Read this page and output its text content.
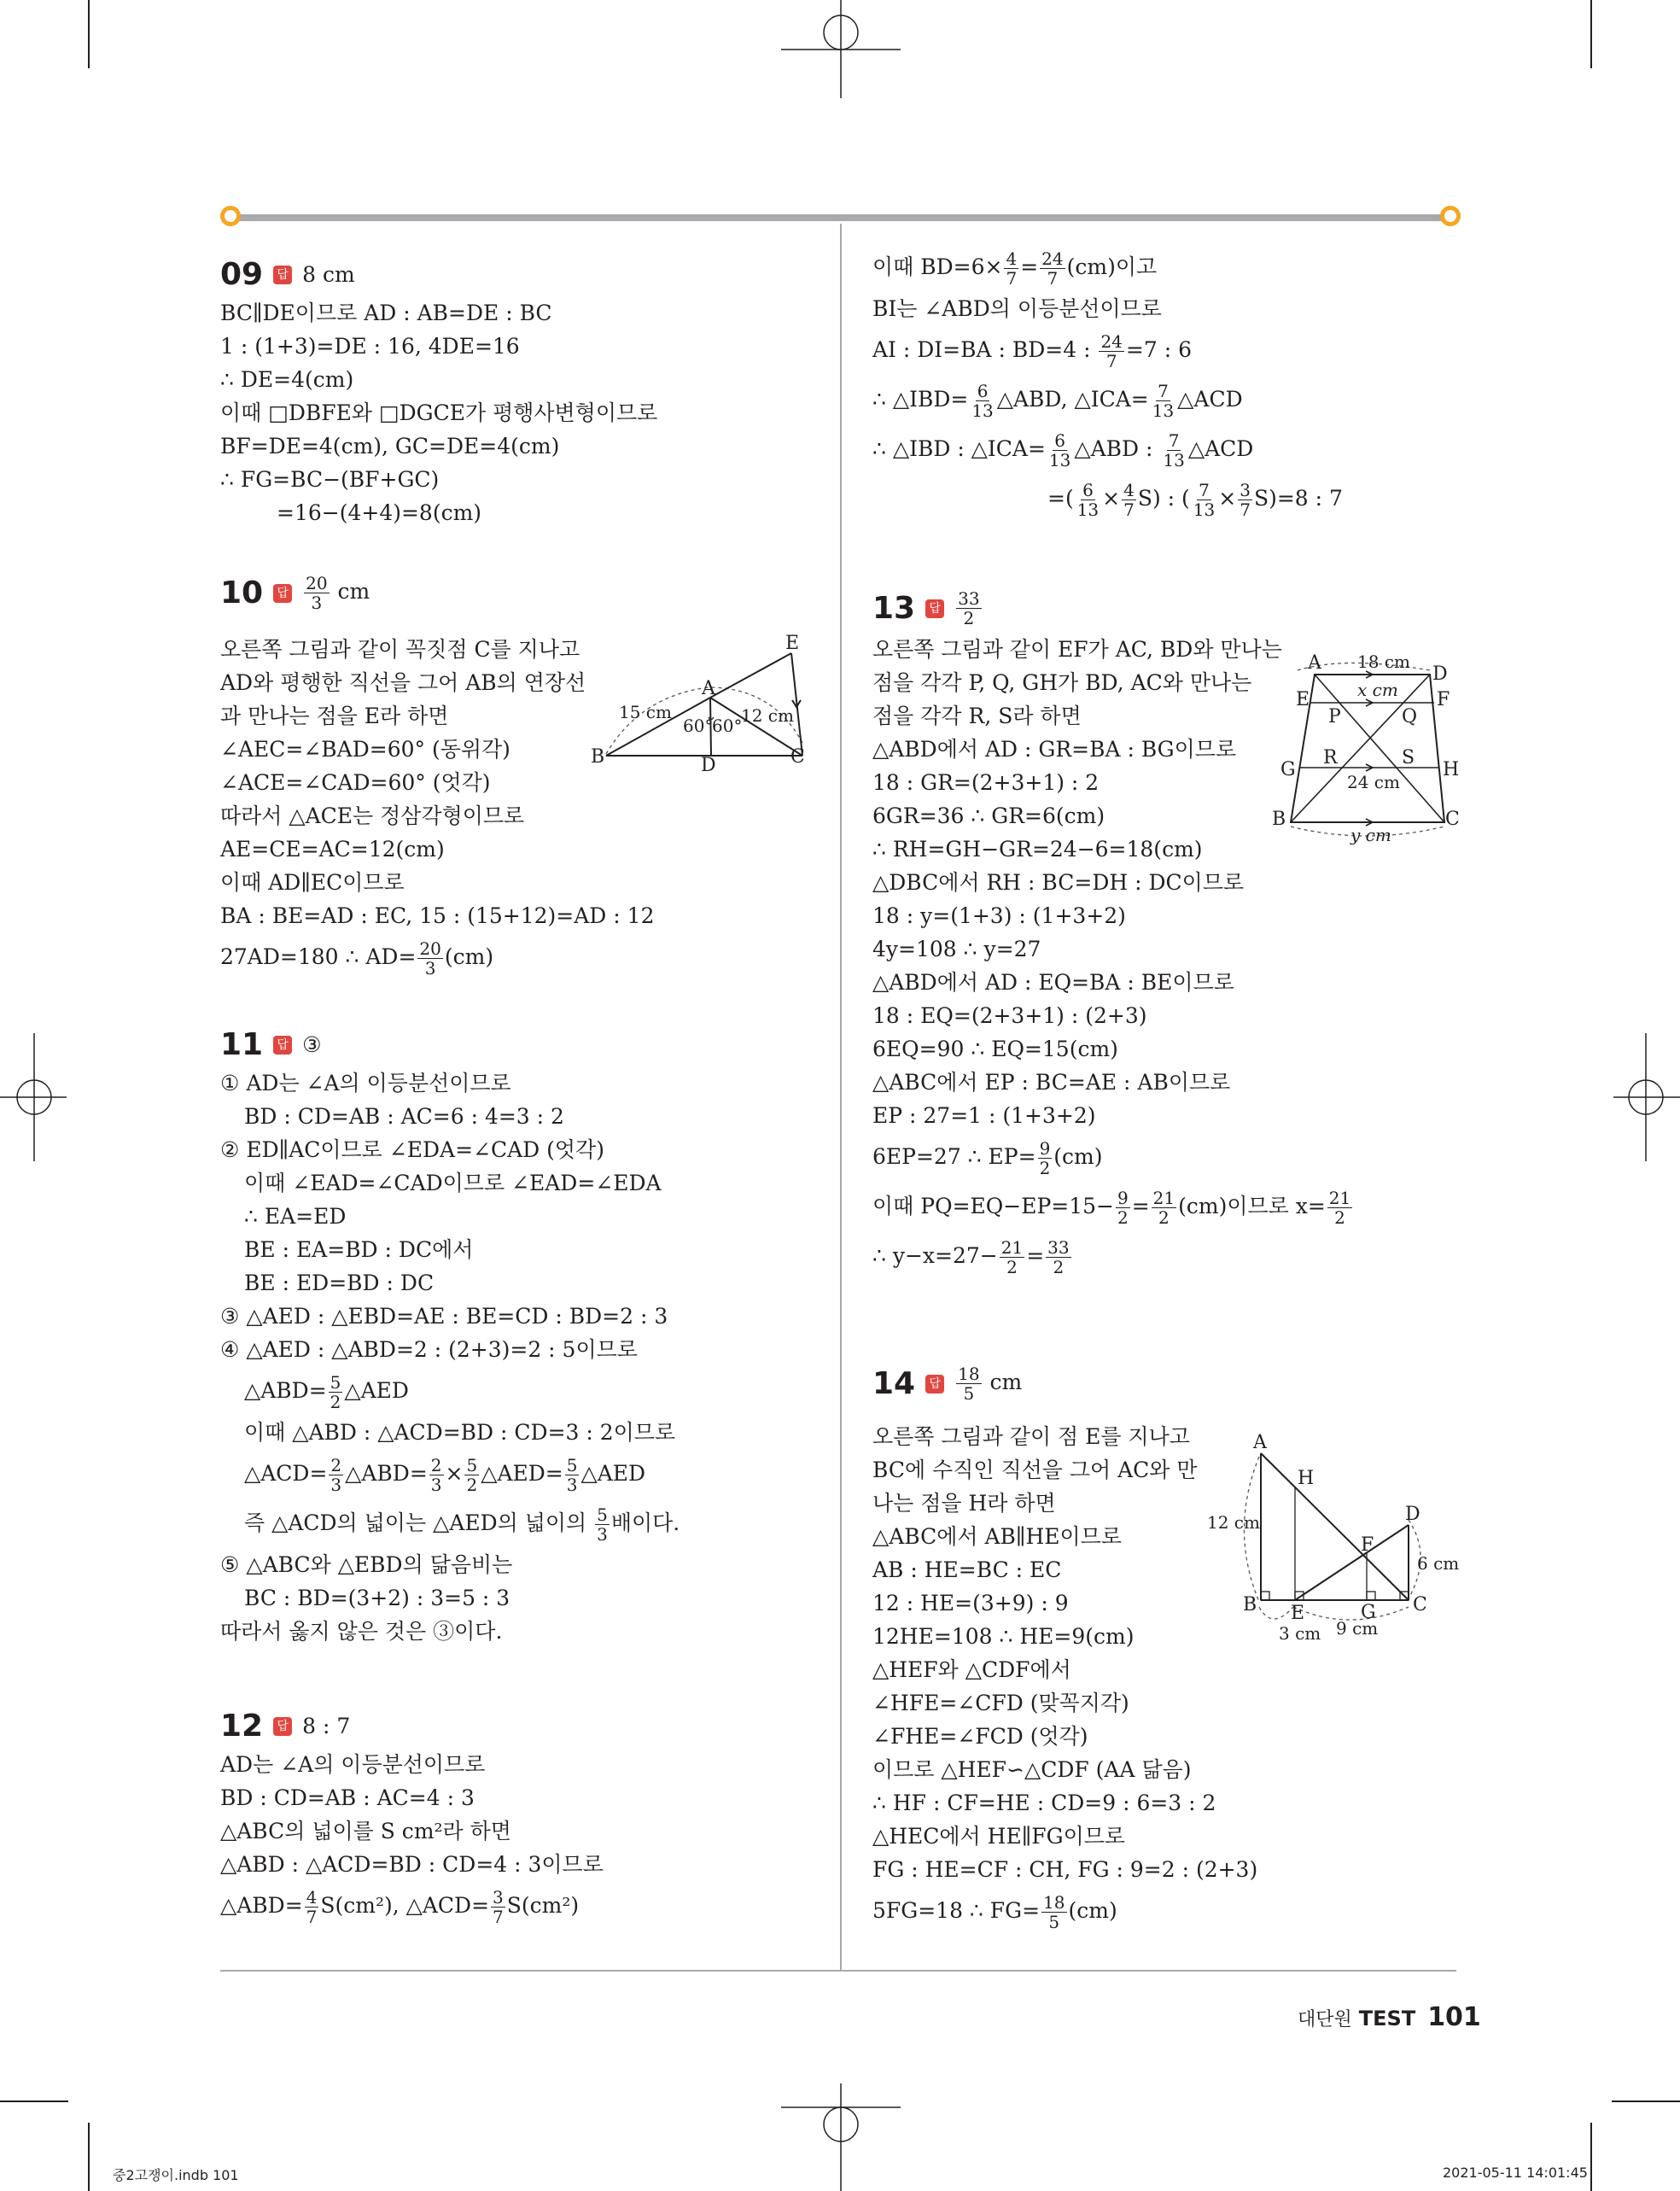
09	답 8 cm
BC∥DE이므로 AD : AB=DE : BC
1 : (1+3)=DE : 16, 4DE=16
∴ DE=4(cm)
이때 □DBFE와 □DGCE가 평행사변형이므로
BF=DE=4(cm), GC=DE=4(cm)
∴ FG=BC−(BF+GC)
=16−(4+4)=8(cm)
10	답 $\frac{20}{3}$ cm
오른쪽 그림과 같이 꼭짓점 C를 지나고
AD와 평행한 직선을 그어 AB의 연장선
과 만나는 점을 E라 하면
∠AEC=∠BAD=60° (동위각)
∠ACE=∠CAD=60° (엇각)
따라서 △ACE는 정삼각형이므로
AE=CE=AC=12(cm)
이때 AD∥EC이므로
BA : BE=AD : EC, 15 : (15+12)=AD : 12
27AD=180 ∴ $AD= \frac{20}{3} (cm)$
E
A
B	C
D
15 cm	12 cm
60°
60°
11	답 ③
① AD는 ∠A의 이등분선이므로
BD : CD=AB : AC=6 : 4=3 : 2
② ED∥AC이므로 ∠EDA=∠CAD (엇각)
이때 ∠EAD=∠CAD이므로 ∠EAD=∠EDA
∴ EA=ED
BE : EA=BD : DC에서
BE : ED=BD : DC
③ △AED : △EBD=AE : BE=CD : BD=2 : 3
④ △AED : △ABD=2 : (2+3)=2 : 5이므로
△ABD= $\frac{5}{2}$ △AED
이때 △ABD : △ACD=BD : CD=3 : 2이므로
△ACD= $\frac{2}{3}$ △ABD= $\frac{2}{3} \times \frac{5}{2}$ △AED= $\frac{5}{3}$ △AED
즉 △ACD의 넓이는 △AED의 넓이의 $\frac{5}{3}$ 배이다.
⑤ △ABC와 △EBD의 닮음비는
BC : BD=(3+2) : 3=5 : 3
따라서 옳지 않은 것은 ③이다.
12	답 8 : 7
AD는 ∠A의 이등분선이므로
BD : CD=AB : AC=4 : 3
△ABC의 넓이를 S cm²라 하면
△ABD : △ACD=BD : CD=4 : 3이므로
△ABD= $\frac{4}{7} S(cm^2)$, △ACD= $\frac{3}{7} S(cm^2)$
이때 $BD=6\times \frac{4}{7} = \frac{24}{7} (cm)$이고
BI는 ∠ABD의 이등분선이므로
AI : DI=BA : BD=4 : $\frac{24}{7} =7$ : 6
∴ △IBD= $\frac{6}{13}$ △ABD, △ICA= $\frac{7}{13}$ △ACD
∴ △IBD : △ICA= $\frac{6}{13}$ △ABD : $\frac{7}{13}$ △ACD
=( $\frac{6}{13} \times \frac{4}{7} S$) : ( $\frac{7}{13} \times \frac{3}{7} S)=8$ : 7
13	답 $\frac{33}{2}$
오른쪽 그림과 같이 EF가 AC, BD와 만나는
점을 각각 P, Q, GH가 BD, AC와 만나는
점을 각각 R, S라 하면
△ABD에서 AD : GR=BA : BG이므로
18 : GR=(2+3+1) : 2
6GR=36 ∴ GR=6(cm)
∴ RH=GH−GR=24−6=18(cm)
△DBC에서 RH : BC=DH : DC이므로
18 : y=(1+3) : (1+3+2)
4y=108 ∴ y=27
△ABD에서 AD : EQ=BA : BE이므로
18 : EQ=(2+3+1) : (2+3)
6EQ=90 ∴ EQ=15(cm)
△ABC에서 EP : BC=AE : AB이므로
EP : 27=1 : (1+3+2)
6EP=27 ∴ $EP= \frac{9}{2} (cm)$
이때 $PQ=EQ-EP=15- \frac{9}{2} = \frac{21}{2} (cm)$이므로 $x= \frac{21}{2}$
∴ $y-x=27- \frac{21}{2} = \frac{33}{2}$
A
D
E	F
P	Q
G	H
R	S
B	C
18 cm
x cm
24 cm
y cm
14	답 $\frac{18}{5}$ cm
오른쪽 그림과 같이 점 E를 지나고
BC에 수직인 직선을 그어 AC와 만
나는 점을 H라 하면
△ABC에서 AB∥HE이므로
AB : HE=BC : EC
12 : HE=(3+9) : 9
12HE=108 ∴ HE=9(cm)
△HEF와 △CDF에서
∠HFE=∠CFD (맞꼭지각)
∠FHE=∠FCD (엇각)
이므로 △HEF∽△CDF (AA 닮음)
∴ HF : CF=HE : CD=9 : 6=3 : 2
△HEC에서 HE∥FG이므로
FG : HE=CF : CH, FG : 9=2 : (2+3)
5FG=18 ∴ $FG= \frac{18}{5} (cm)$
A
H
D
F
B E	G C
12 cm
6 cm
3 cm 9 cm
대단원 TEST 101
중2고쟁이.indb 101	2021-05-11 14:01:45
